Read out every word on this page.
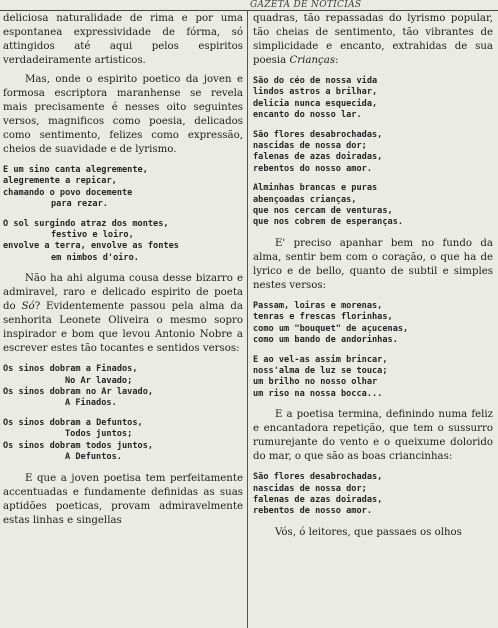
GAZETA DE NOTICIAS

deliciosa naturalidade de rima e por uma espontanea expressividade de fórma, só attingidos até aqui pelos espiritos verdadeiramente artisticos.

Mas, onde o espirito poetico da joven e formosa escriptora maranhense se revela mais precisamente é nesses oito seguintes versos, magnificos como poesia, delicados como sentimento, felizes como expressão, cheios de suavidade e de lyrismo.

E um sino canta alegremente,

alegremente a repicar,

chamando o povo docemente

para rezar.

O sol surgindo atraz dos montes,

festivo e loiro,

envolve a terra, envolve as fontes

em nimbos d'oiro.

Não ha ahi alguma cousa desse bizarro e admiravel, raro e delicado espirito de poeta do Só? Evidentemente passou pela alma da senhorita Leonete Oliveira o mesmo sopro inspirador e bom que levou Antonio Nobre a escrever estes tão tocantes e sentidos versos:

Os sinos dobram a Finados,

No Ar lavado;

Os sinos dobram no Ar lavado,

A Finados.

Os sinos dobram a Defuntos,

Todos juntos;

Os sinos dobram todos juntos,

A Defuntos.

E que a joven poetisa tem perfeitamente accentuadas e fundamente definidas as suas aptidões poeticas, provam admiravelmente estas linhas e singellas

quadras, tão repassadas do lyrismo popular, tão cheias de sentimento, tão vibrantes de simplicidade e encanto, extrahidas de sua poesia Crianças:

São do céo de nossa vida

lindos astros a brilhar,

delicia nunca esquecida,

encanto do nosso lar.

São flores desabrochadas,

nascidas de nossa dor;

falenas de azas doiradas,

rebentos do nosso amor.

Alminhas brancas e puras

abençoadas crianças,

que nos cercam de venturas,

que nos cobrem de esperanças.

E' preciso apanhar bem no fundo da alma, sentir bem com o coração, o que ha de lyrico e de bello, quanto de subtil e simples nestes versos:

Passam, loiras e morenas,

tenras e frescas florinhas,

como um "bouquet" de açucenas,

como um bando de andorinhas.

E ao vel-as assim brincar,

noss'alma de luz se touca;

um brilho no nosso olhar

um riso na nossa bocca...

E a poetisa termina, definindo numa feliz e encantadora repetição, que tem o sussurro rumurejante do vento e o queixume dolorido do mar, o que são as boas criancinhas:

São flores desabrochadas,

nascidas de nossa dor;

falenas de azas doiradas,

rebentos de nosso amor.

Vós, ó leitores, que passaes os olhos
